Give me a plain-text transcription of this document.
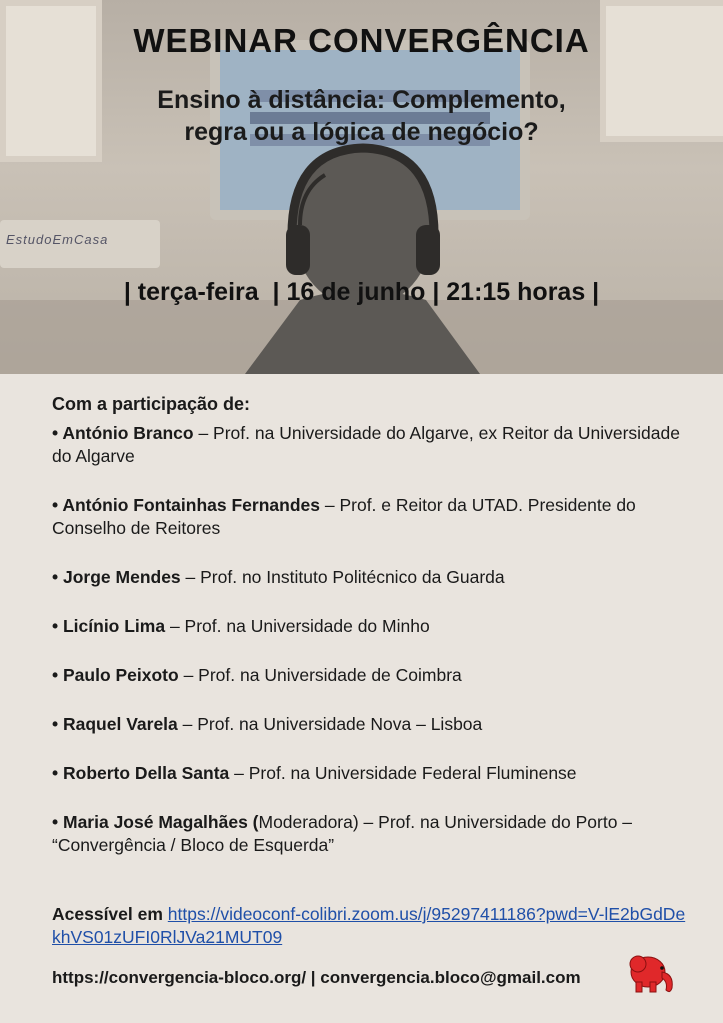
EstudoEmCasa
WEBINAR CONVERGÊNCIA
Ensino à distância: Complemento,
regra ou a lógica de negócio?
| terça-feira  | 16 de junho | 21:15 horas |
Com a participação de:
• António Branco – Prof. na Universidade do Algarve, ex Reitor da Universidade do Algarve
• António Fontainhas Fernandes – Prof. e Reitor da UTAD. Presidente do Conselho de Reitores
• Jorge Mendes – Prof. no Instituto Politécnico da Guarda
• Licínio Lima – Prof. na Universidade do Minho
• Paulo Peixoto – Prof. na Universidade de Coimbra
• Raquel Varela – Prof. na Universidade Nova – Lisboa
• Roberto Della Santa – Prof. na Universidade Federal Fluminense
• Maria José Magalhães (Moderadora) – Prof. na Universidade do Porto – “Convergência / Bloco de Esquerda”
Acessível em https://videoconf-colibri.zoom.us/j/95297411186?pwd=V-lE2bGdDekhVS01zUFI0RlJVa21MUT09
https://convergencia-bloco.org/ | convergencia.bloco@gmail.com
